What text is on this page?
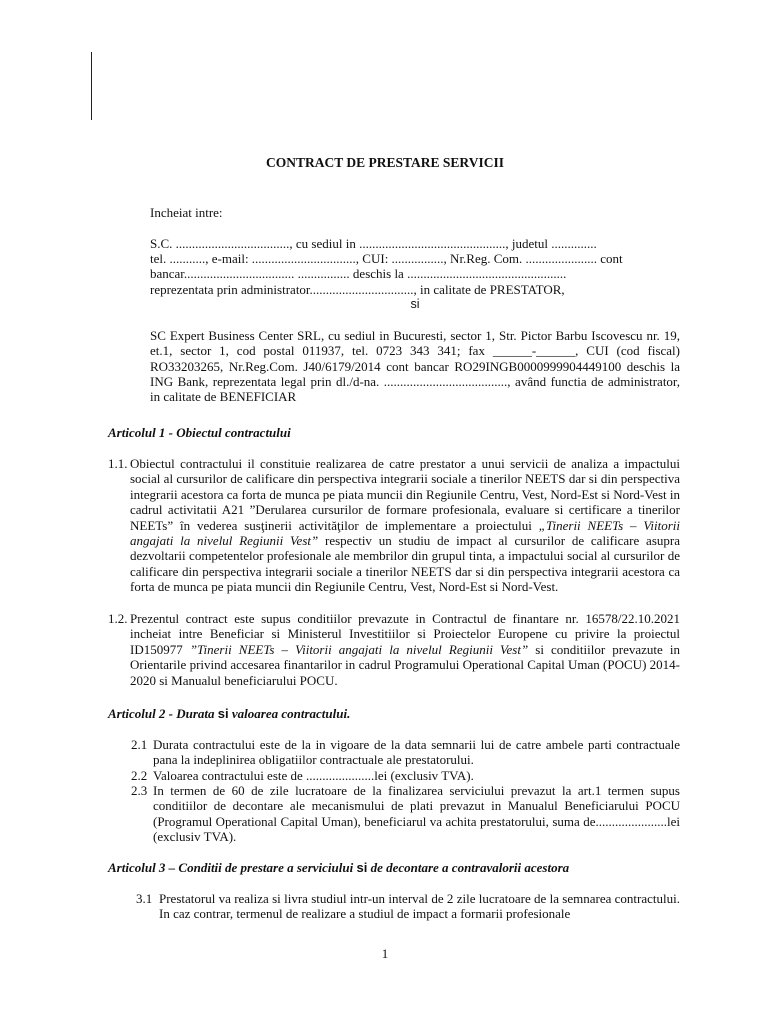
CONTRACT DE PRESTARE SERVICII
Incheiat intre:
S.C. ..................................., cu sediul in ............................................., judetul ..............
tel. ..........., e-mail: ................................, CUI: ................, Nr.Reg. Com. ...................... cont
bancar.................................. ................ deschis la .................................................
reprezentata prin administrator................................, in calitate de PRESTATOR,
si
SC Expert Business Center SRL, cu sediul in Bucuresti, sector 1, Str. Pictor Barbu Iscovescu nr. 19, et.1, sector 1, cod postal 011937, tel. 0723 343 341; fax ______-______, CUI (cod fiscal) RO33203265, Nr.Reg.Com. J40/6179/2014 cont bancar RO29INGB0000999904449100 deschis la ING Bank, reprezentata legal prin dl./d-na. ......................................, având functia de administrator, in calitate de BENEFICIAR
Articolul 1 - Obiectul contractului
1.1. Obiectul contractului il constituie realizarea de catre prestator a unui servicii de analiza a impactului social al cursurilor de calificare din perspectiva integrarii sociale a tinerilor NEETS dar si din perspectiva integrarii acestora ca forta de munca pe piata muncii din Regiunile Centru, Vest, Nord-Est si Nord-Vest in cadrul activitatii A21 ”Derularea cursurilor de formare profesionala, evaluare si certificare a tinerilor NEETs” în vederea susţinerii activităţilor de implementare a proiectului „Tinerii NEETs – Viitorii angajati la nivelul Regiunii Vest” respectiv un studiu de impact al cursurilor de calificare asupra dezvoltarii competentelor profesionale ale membrilor din grupul tinta, a impactului social al cursurilor de calificare din perspectiva integrarii sociale a tinerilor NEETS dar si din perspectiva integrarii acestora ca forta de munca pe piata muncii din Regiunile Centru, Vest, Nord-Est si Nord-Vest.
1.2. Prezentul contract este supus conditiilor prevazute in Contractul de finantare nr. 16578/22.10.2021 incheiat intre Beneficiar si Ministerul Investitiilor si Proiectelor Europene cu privire la proiectul ID150977 ”Tinerii NEETs – Viitorii angajati la nivelul Regiunii Vest” si conditiilor prevazute in Orientarile privind accesarea finantarilor in cadrul Programului Operational Capital Uman (POCU) 2014-2020 si Manualul beneficiarului POCU.
Articolul 2 - Durata si valoarea contractului.
2.1 Durata contractului este de la in vigoare de la data semnarii lui de catre ambele parti contractuale pana la indeplinirea obligatiilor contractuale ale prestatorului.
2.2 Valoarea contractului este de .....................lei (exclusiv TVA).
2.3 In termen de 60 de zile lucratoare de la finalizarea serviciului prevazut la art.1 termen supus conditiilor de decontare ale mecanismului de plati prevazut in Manualul Beneficiarului POCU (Programul Operational Capital Uman), beneficiarul va achita prestatorului, suma de......................lei (exclusiv TVA).
Articolul 3 – Conditii de prestare a serviciului si de decontare a contravalorii acestora
3.1 Prestatorul va realiza si livra studiul intr-un interval de 2 zile lucratoare de la semnarea contractului. In caz contrar, termenul de realizare a studiul de impact a formarii profesionale
1
